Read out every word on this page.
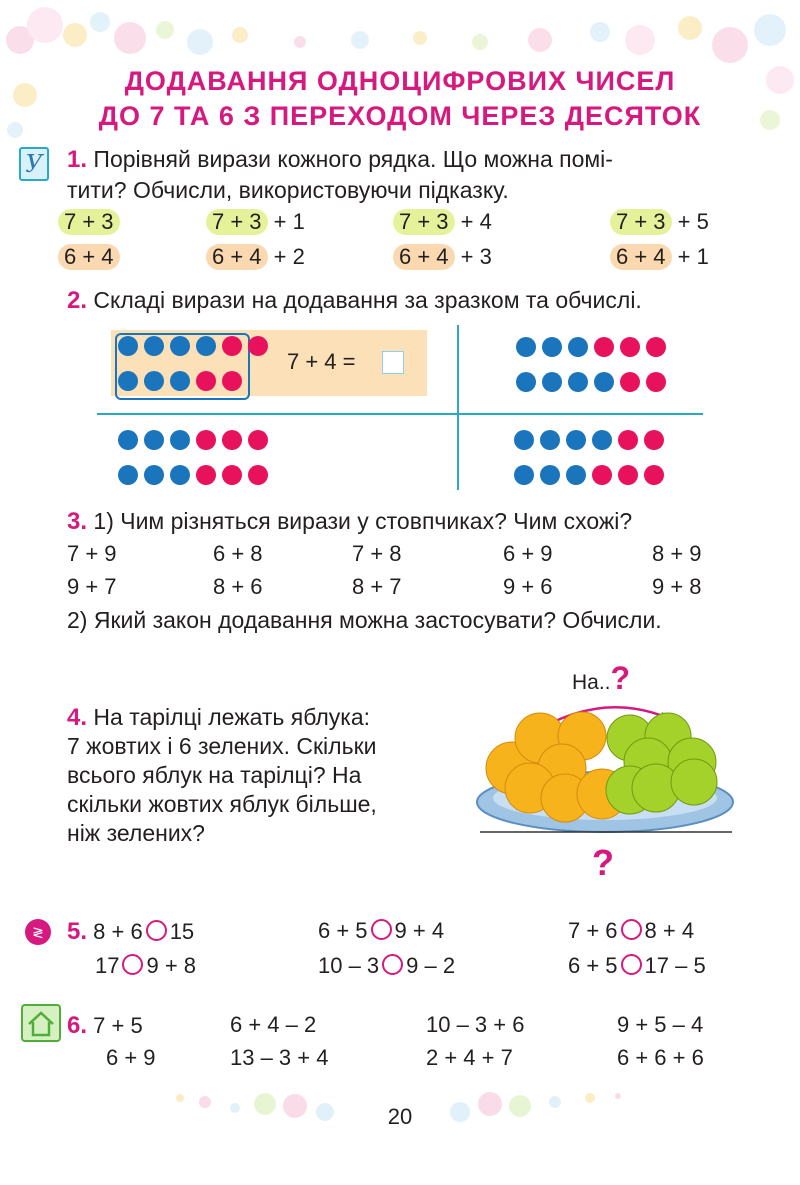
ДОДАВАННЯ ОДНОЦИФРОВИХ ЧИСЕЛ
ДО 7 ТА 6 З ПЕРЕХОДОМ ЧЕРЕЗ ДЕСЯТОК
У 1. Порівняй вирази кожного рядка. Що можна помі-
тити? Обчисли, використовуючи підказку.
7 + 3	7 + 3 + 1	7 + 3 + 4	7 + 3 + 5
6 + 4	6 + 4 + 2	6 + 4 + 3	6 + 4 + 1
2. Складі вирази на додавання за зразком та обчислі.
7 + 4 =
3. 1) Чим різняться вирази у стовпчиках? Чим схожі?
7 + 9	6 + 8	7 + 8	6 + 9	8 + 9
9 + 7	8 + 6	8 + 7	9 + 6	9 + 8
2) Який закон додавання можна застосувати? Обчисли.
4. На тарілці лежать яблука:
7 жовтих і 6 зелених. Скільки
всього яблук на тарілці? На
скільки жовтих яблук більше,
ніж зелених?
На..?
?
≷ 5. 8 + 6 15	6 + 5 9 + 4	7 + 6 8 + 4
17 9 + 8	10 – 3 9 – 2	6 + 5 17 – 5
6. 7 + 5	6 + 4 – 2	10 – 3 + 6	9 + 5 – 4
6 + 9	13 – 3 + 4	2 + 4 + 7	6 + 6 + 6
20
